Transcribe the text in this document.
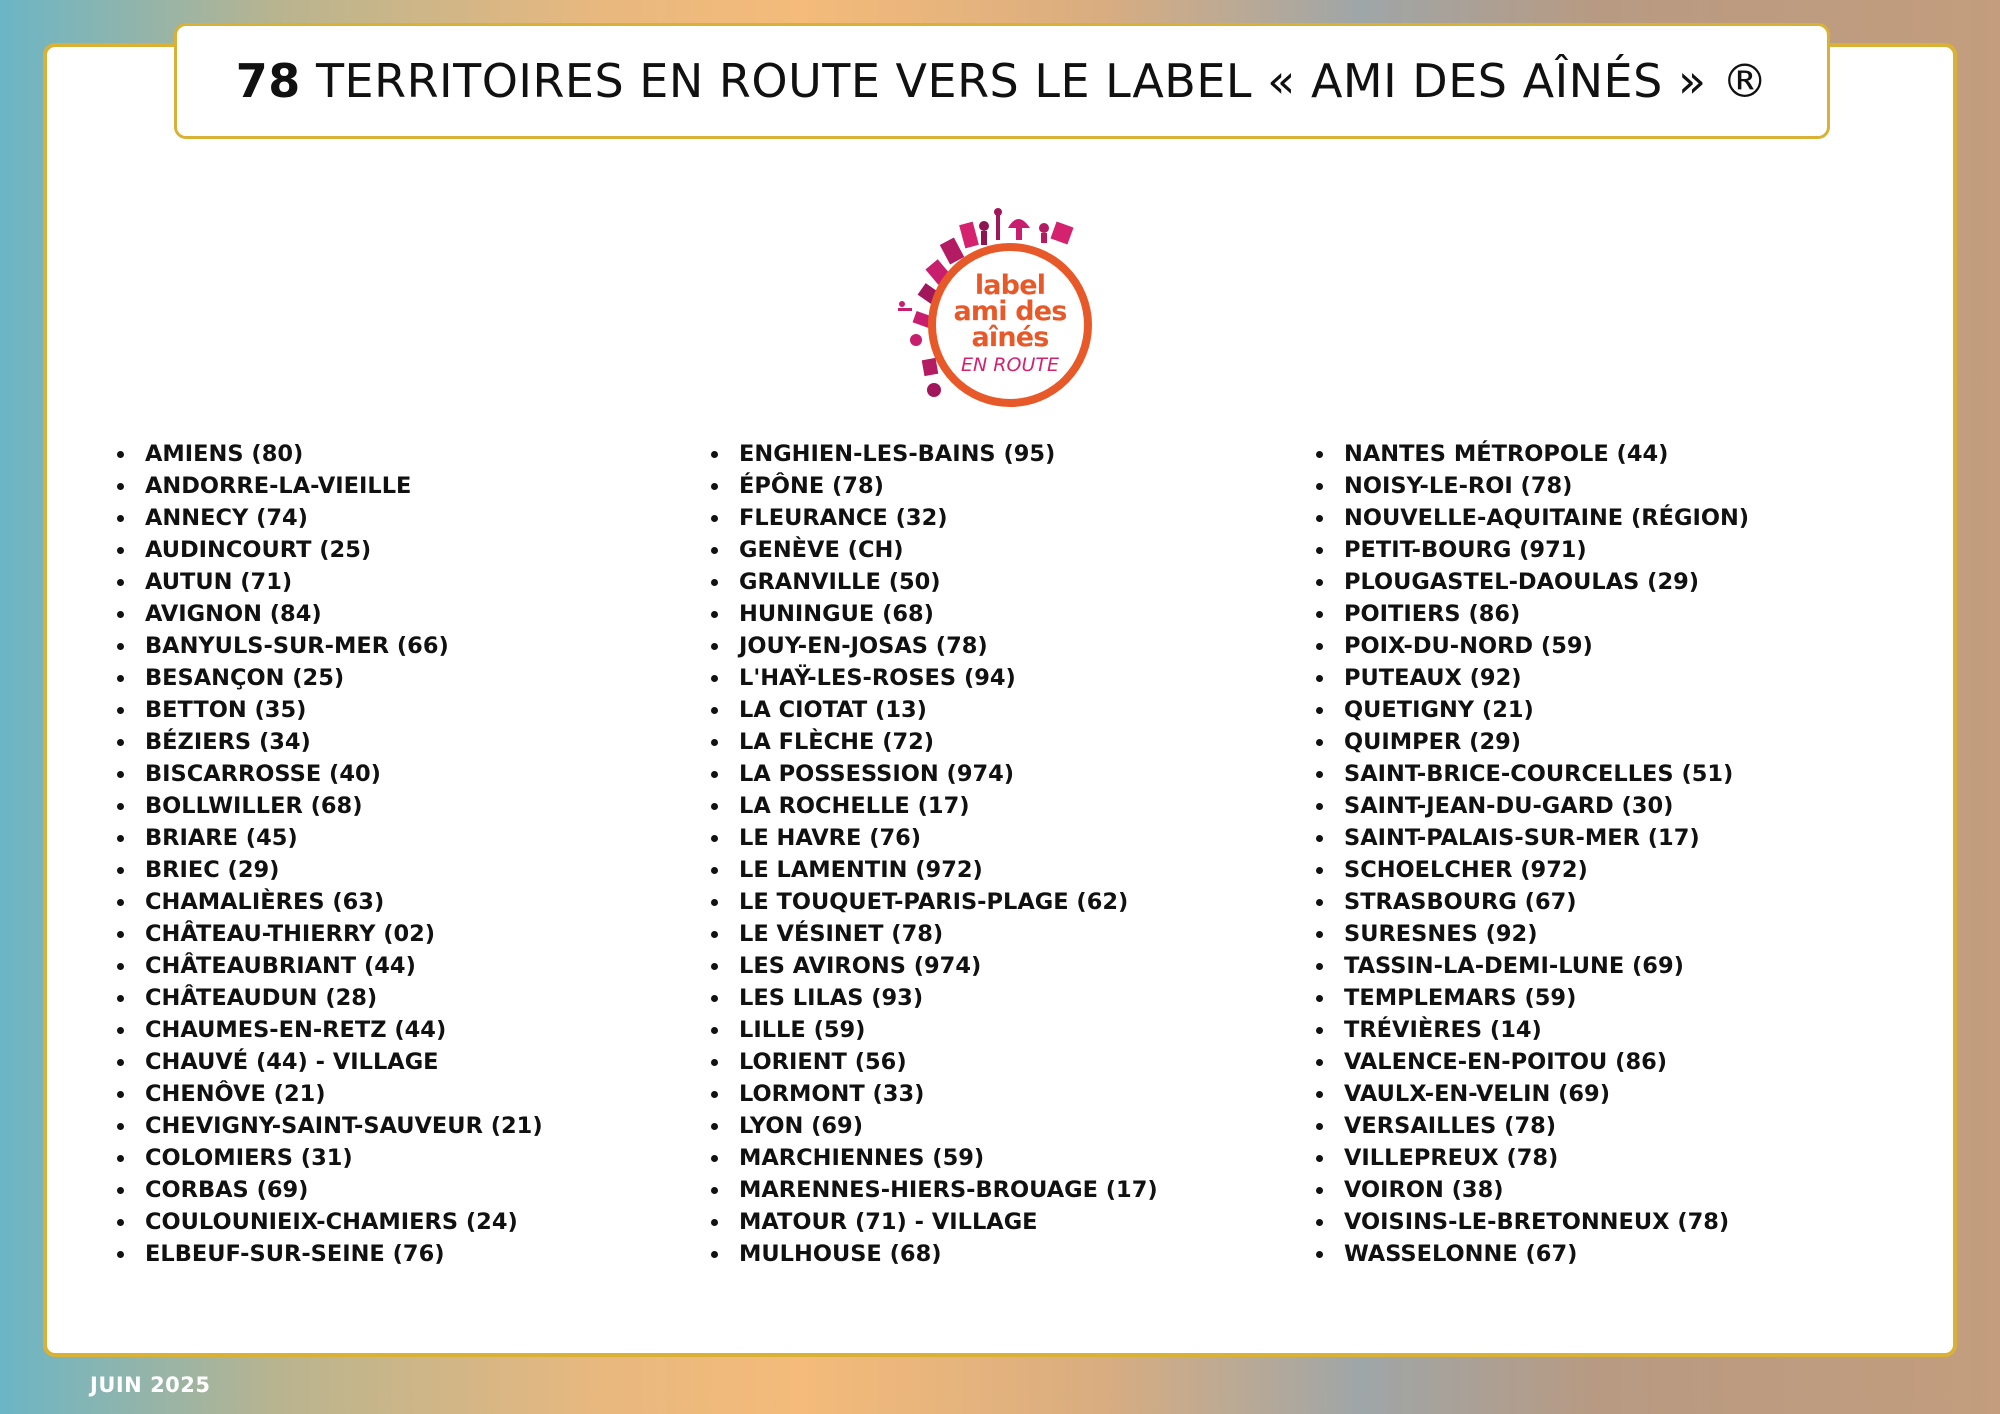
78 TERRITOIRES EN ROUTE VERS LE LABEL « AMI DES AÎNÉS » ®
label
ami des
aînés
EN ROUTE
AMIENS (80)
ANDORRE-LA-VIEILLE
ANNECY (74)
AUDINCOURT (25)
AUTUN (71)
AVIGNON (84)
BANYULS-SUR-MER (66)
BESANÇON (25)
BETTON (35)
BÉZIERS (34)
BISCARROSSE (40)
BOLLWILLER (68)
BRIARE (45)
BRIEC (29)
CHAMALIÈRES (63)
CHÂTEAU-THIERRY (02)
CHÂTEAUBRIANT (44)
CHÂTEAUDUN (28)
CHAUMES-EN-RETZ (44)
CHAUVÉ (44) - VILLAGE
CHENÔVE (21)
CHEVIGNY-SAINT-SAUVEUR (21)
COLOMIERS (31)
CORBAS (69)
COULOUNIEIX-CHAMIERS (24)
ELBEUF-SUR-SEINE (76)
ENGHIEN-LES-BAINS (95)
ÉPÔNE (78)
FLEURANCE (32)
GENÈVE (CH)
GRANVILLE (50)
HUNINGUE (68)
JOUY-EN-JOSAS (78)
L'HAŸ-LES-ROSES (94)
LA CIOTAT (13)
LA FLÈCHE (72)
LA POSSESSION (974)
LA ROCHELLE (17)
LE HAVRE (76)
LE LAMENTIN (972)
LE TOUQUET-PARIS-PLAGE (62)
LE VÉSINET (78)
LES AVIRONS (974)
LES LILAS (93)
LILLE (59)
LORIENT (56)
LORMONT (33)
LYON (69)
MARCHIENNES (59)
MARENNES-HIERS-BROUAGE (17)
MATOUR (71) - VILLAGE
MULHOUSE (68)
NANTES MÉTROPOLE (44)
NOISY-LE-ROI (78)
NOUVELLE-AQUITAINE (RÉGION)
PETIT-BOURG (971)
PLOUGASTEL-DAOULAS (29)
POITIERS (86)
POIX-DU-NORD (59)
PUTEAUX (92)
QUETIGNY (21)
QUIMPER (29)
SAINT-BRICE-COURCELLES (51)
SAINT-JEAN-DU-GARD (30)
SAINT-PALAIS-SUR-MER (17)
SCHOELCHER (972)
STRASBOURG (67)
SURESNES (92)
TASSIN-LA-DEMI-LUNE (69)
TEMPLEMARS (59)
TRÉVIÈRES (14)
VALENCE-EN-POITOU (86)
VAULX-EN-VELIN (69)
VERSAILLES (78)
VILLEPREUX (78)
VOIRON (38)
VOISINS-LE-BRETONNEUX (78)
WASSELONNE (67)
JUIN 2025
